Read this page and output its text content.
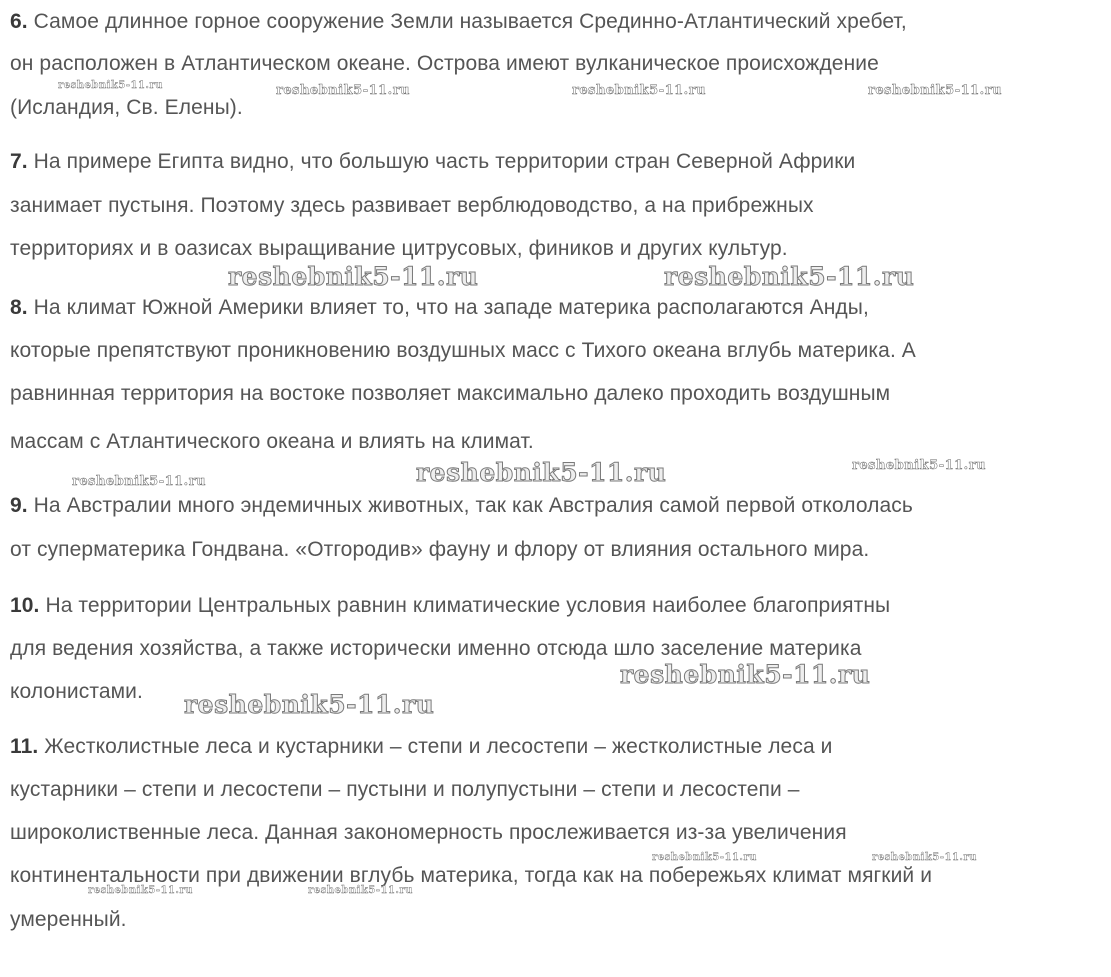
6. Самое длинное горное сооружение Земли называется Срединно-Атлантический хребет,
он расположен в Атлантическом океане. Острова имеют вулканическое происхождение
(Исландия, Св. Елены).
7. На примере Египта видно, что большую часть территории стран Северной Африки
занимает пустыня. Поэтому здесь развивает верблюдоводство, а на прибрежных
территориях и в оазисах выращивание цитрусовых, фиников и других культур.
8. На климат Южной Америки влияет то, что на западе материка располагаются Анды,
которые препятствуют проникновению воздушных масс с Тихого океана вглубь материка. А
равнинная территория на востоке позволяет максимально далеко проходить воздушным
массам с Атлантического океана и влиять на климат.
9. На Австралии много эндемичных животных, так как Австралия самой первой откололась
от суперматерика Гондвана. «Отгородив» фауну и флору от влияния остального мира.
10. На территории Центральных равнин климатические условия наиболее благоприятны
для ведения хозяйства, а также исторически именно отсюда шло заселение материка
колонистами.
11. Жестколистные леса и кустарники – степи и лесостепи – жестколистные леса и
кустарники – степи и лесостепи – пустыни и полупустыни – степи и лесостепи –
широколиственные леса. Данная закономерность прослеживается из-за увеличения
континентальности при движении вглубь материка, тогда как на побережьях климат мягкий и
умеренный.
reshebnik5-11.ru	reshebnik5-11.ru	reshebnik5-11.ru	reshebnik5-11.ru
reshebnik5-11.ru	reshebnik5-11.ru
reshebnik5-11.ru	reshebnik5-11.ru	reshebnik5-11.ru
reshebnik5-11.ru
reshebnik5-11.ru
reshebnik5-11.ru	reshebnik5-11.ru
reshebnik5-11.ru	reshebnik5-11.ru
